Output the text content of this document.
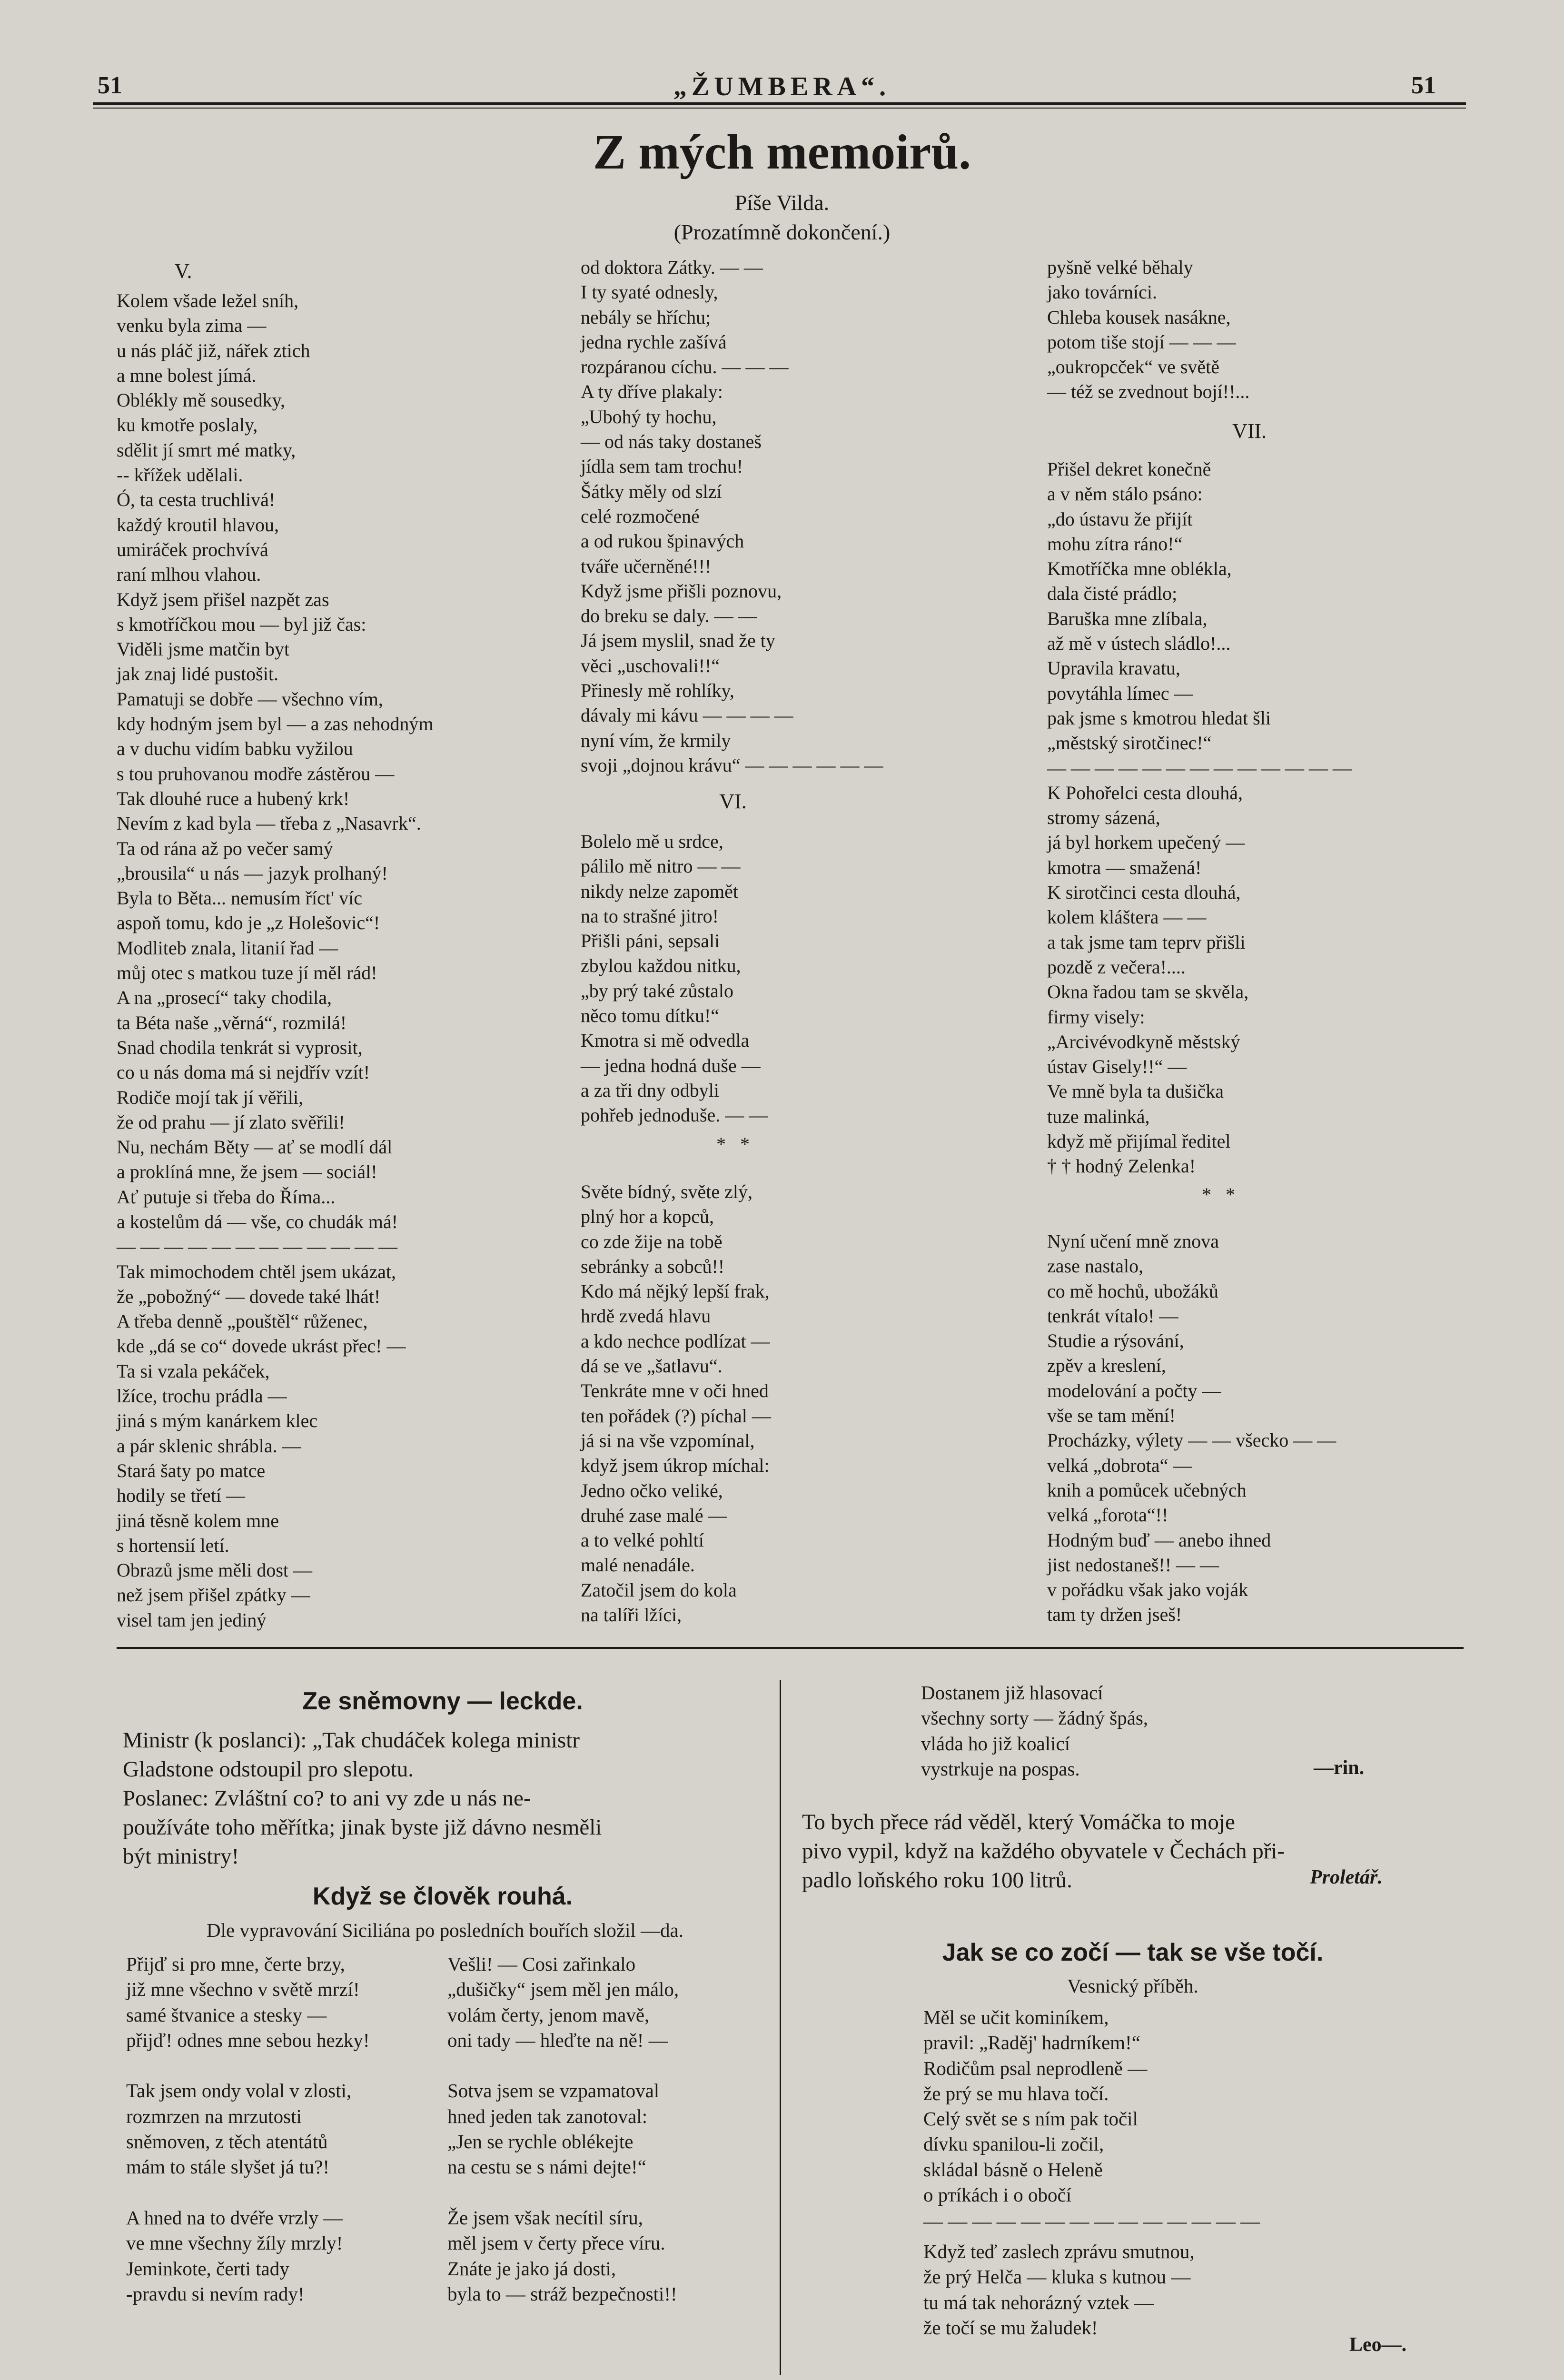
51	„ŽUMBERA“.	51
Z mých memoirů.
Píše Vilda.
(Prozatímně dokončení.)
V.
Kolem všade ležel sníh,
venku byla zima —
u nás pláč již, nářek ztich
a mne bolest jímá.
Oblékly mě sousedky,
ku kmotře poslaly,
sdělit jí smrt mé matky,
-- křížek udělali.
Ó, ta cesta truchlivá!
každý kroutil hlavou,
umiráček prochvívá
raní mlhou vlahou.
Když jsem přišel nazpět zas
s kmotříčkou mou — byl již čas:
Viděli jsme matčin byt
jak znaj lidé pustošit.
Pamatuji se dobře — všechno vím,
kdy hodným jsem byl — a zas nehodným
a v duchu vidím babku vyžilou
s tou pruhovanou modře zástěrou —
Tak dlouhé ruce a hubený krk!
Nevím z kad byla — třeba z „Nasavrk“.
Ta od rána až po večer samý
„brousila“ u nás — jazyk prolhaný!
Byla to Běta... nemusím říct' víc
aspoň tomu, kdo je „z Holešovic“!
Modliteb znala, litanií řad —
můj otec s matkou tuze jí měl rád!
A na „prosecí“ taky chodila,
ta Béta naše „věrná“, rozmilá!
Snad chodila tenkrát si vyprosit,
co u nás doma má si nejdřív vzít!
Rodiče mojí tak jí věřili,
že od prahu — jí zlato svěřili!
Nu, nechám Běty — ať se modlí dál
a proklíná mne, že jsem — sociál!
Ať putuje si třeba do Říma...
a kostelům dá — vše, co chudák má!
— — — — — — — — — — — —
Tak mimochodem chtěl jsem ukázat,
že „pobožný“ — dovede také lhát!
A třeba denně „pouštěl“ růženec,
kde „dá se co“ dovede ukrást přec! —
Ta si vzala pekáček,
lžíce, trochu prádla —
jiná s mým kanárkem klec
a pár sklenic shrábla. —
Stará šaty po matce
hodily se třetí —
jiná těsně kolem mne
s hortensií letí.
Obrazů jsme měli dost —
než jsem přišel zpátky —
visel tam jen jediný
od doktora Zátky. — —
I ty syaté odnesly,
nebály se hříchu;
jedna rychle zašívá
rozpáranou cíchu. — — —
A ty dříve plakaly:
„Ubohý ty hochu,
— od nás taky dostaneš
jídla sem tam trochu!
Šátky měly od slzí
celé rozmočené
a od rukou špinavých
tváře učerněné!!!
Když jsme přišli poznovu,
do breku se daly. — —
Já jsem myslil, snad že ty
věci „uschovali!!“
Přinesly mě rohlíky,
dávaly mi kávu — — — —
nyní vím, že krmily
svoji „dojnou krávu“ — — — — — —
VI.
Bolelo mě u srdce,
pálilo mě nitro — —
nikdy nelze zapomět
na to strašné jitro!
Přišli páni, sepsali
zbylou každou nitku,
„by prý také zůstalo
něco tomu dítku!“
Kmotra si mě odvedla
— jedna hodná duše —
a za tři dny odbyli
pohřeb jednoduše. — —
*   *
Světe bídný, světe zlý,
plný hor a kopců,
co zde žije na tobě
sebránky a sobců!!
Kdo má nějký lepší frak,
hrdě zvedá hlavu
a kdo nechce podlízat —
dá se ve „šatlavu“.
Tenkráte mne v oči hned
ten pořádek (?) píchal —
já si na vše vzpomínal,
když jsem úkrop míchal:
Jedno očko veliké,
druhé zase malé —
a to velké pohltí
malé nenadále.
Zatočil jsem do kola
na talíři lžíci,
pyšně velké běhaly
jako továrníci.
Chleba kousek nasákne,
potom tiše stojí — — —
„oukropcček“ ve světě
— též se zvednout bojí!!...
VII.
Přišel dekret konečně
a v něm stálo psáno:
„do ústavu že přijít
mohu zítra ráno!“
Kmotříčka mne oblékla,
dala čisté prádlo;
Baruška mne zlíbala,
až mě v ústech sládlo!...
Upravila kravatu,
povytáhla límec —
pak jsme s kmotrou hledat šli
„městský sirotčinec!“
— — — — — — — — — — — — —
K Pohořelci cesta dlouhá,
stromy sázená,
já byl horkem upečený —
kmotra — smažená!
K sirotčinci cesta dlouhá,
kolem kláštera — —
a tak jsme tam teprv přišli
pozdě z večera!....
Okna řadou tam se skvěla,
firmy visely:
„Arcivévodkyně městský
ústav Gisely!!“ —
Ve mně byla ta dušička
tuze malinká,
když mě přijímal ředitel
† † hodný Zelenka!
*   *
Nyní učení mně znova
zase nastalo,
co mě hochů, ubožáků
tenkrát vítalo! —
Studie a rýsování,
zpěv a kreslení,
modelování a počty —
vše se tam mění!
Procházky, výlety — — všecko — —
velká „dobrota“ —
knih a pomůcek učebných
velká „forota“!!
Hodným buď — anebo ihned
jist nedostaneš!! — —
v pořádku však jako voják
tam ty držen jseš!
Ze sněmovny — leckde.
Ministr (k poslanci): „Tak chudáček kolega ministr
Gladstone odstoupil pro slepotu.
Poslanec: Zvláštní co? to ani vy zde u nás ne-
používáte toho měřítka; jinak byste již dávno nesměli
být ministry!
Když se člověk rouhá.
Dle vypravování Siciliána po posledních bouřích složil —da.
Přijď si pro mne, čerte brzy,
již mne všechno v světě mrzí!
samé štvanice a stesky —
přijď! odnes mne sebou hezky!

Tak jsem ondy volal v zlosti,
rozmrzen na mrzutosti
sněmoven, z těch atentátů
mám to stále slyšet já tu?!

A hned na to dvéře vrzly —
ve mne všechny žíly mrzly!
Jeminkote, čerti tady
-pravdu si nevím rady!
Vešli! — Cosi zařinkalo
„dušičky“ jsem měl jen málo,
volám čerty, jenom mavě,
oni tady — hleďte na ně! —

Sotva jsem se vzpamatoval
hned jeden tak zanotoval:
„Jen se rychle oblékejte
na cestu se s námi dejte!“

Že jsem však necítil síru,
měl jsem v čerty přece víru.
Znáte je jako já dosti,
byla to — stráž bezpečnosti!!
Dostanem již hlasovací
všechny sorty — žádný špás,
vláda ho již koalicí
vystrkuje na pospas.	—rin.
To bych přece rád věděl, který Vomáčka to moje
pivo vypil, když na každého obyvatele v Čechách při-
padlo loňského roku 100 litrů.	Proletář.
Jak se co zočí — tak se vše točí.
Vesnický příběh.
Měl se učit kominíkem,
pravil: „Raděj' hadrníkem!“
Rodičům psal neprodleně —
že prý se mu hlava točí.
Celý svět se s ním pak točil
dívku spanilou-li zočil,
skládal básně o Heleně
o ртíkách i o obočí
— — — — — — — — — — — — — —
Když teď zaslech zprávu smutnou,
že prý Helča — kluka s kutnou —
tu má tak nehorázný vztek —
že točí se mu žaludek!
Leo—.
